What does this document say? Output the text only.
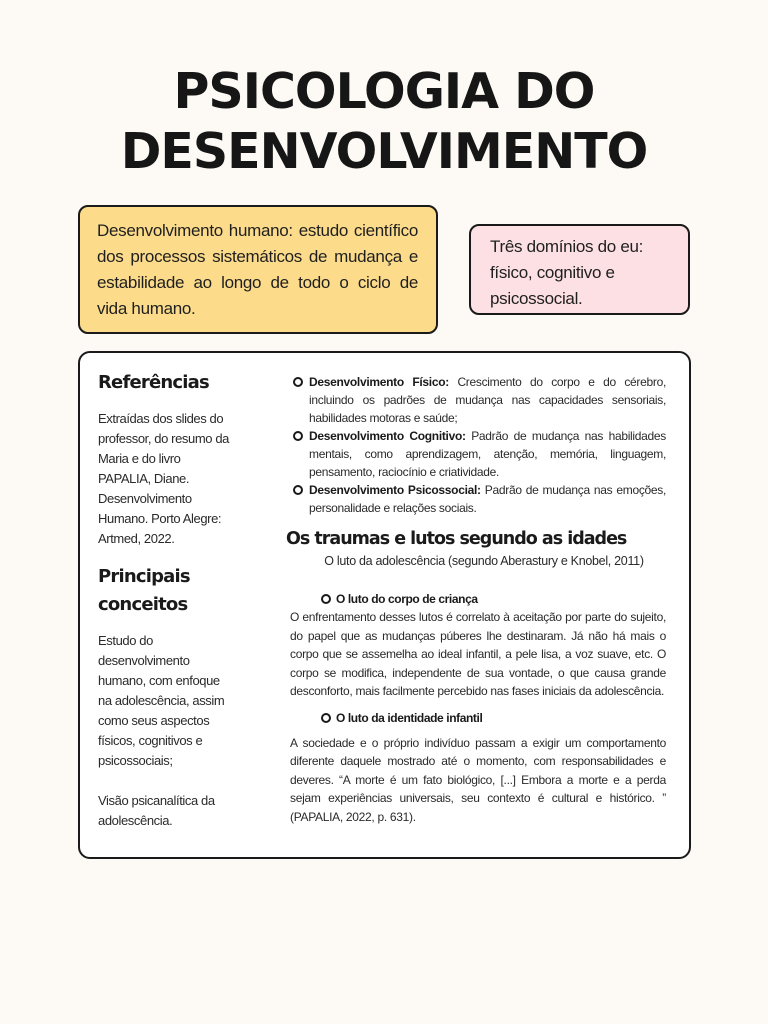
PSICOLOGIA DO
DESENVOLVIMENTO

Desenvolvimento humano: estudo científico dos processos sistemáticos de mudança e estabilidade ao longo de todo o ciclo de vida humano.

Três domínios do eu: físico, cognitivo e psicossocial.

Referências

Extraídas dos slides do professor, do resumo da Maria e do livro PAPALIA, Diane. Desenvolvimento Humano. Porto Alegre: Artmed, 2022.

Principais conceitos

Estudo do desenvolvimento humano, com enfoque na adolescência, assim como seus aspectos físicos, cognitivos e psicossociais;

Visão psicanalítica da adolescência.

Desenvolvimento Físico: Crescimento do corpo e do cérebro, incluindo os padrões de mudança nas capacidades sensoriais, habilidades motoras e saúde;
Desenvolvimento Cognitivo: Padrão de mudança nas habilidades mentais, como aprendizagem, atenção, memória, linguagem, pensamento, raciocínio e criatividade.
Desenvolvimento Psicossocial: Padrão de mudança nas emoções, personalidade e relações sociais.
Os traumas e lutos segundo as idades

O luto da adolescência (segundo Aberastury e Knobel, 2011)

O luto do corpo de criança

O enfrentamento desses lutos é correlato à aceitação por parte do sujeito, do papel que as mudanças púberes lhe destinaram. Já não há mais o corpo que se assemelha ao ideal infantil, a pele lisa, a voz suave, etc. O corpo se modifica, independente de sua vontade, o que causa grande desconforto, mais facilmente percebido nas fases iniciais da adolescência.

O luto da identidade infantil

A sociedade e o próprio indivíduo passam a exigir um comportamento diferente daquele mostrado até o momento, com responsabilidades e deveres. “A morte é um fato biológico, [...] Embora a morte e a perda sejam experiências universais, seu contexto é cultural e histórico. ” (PAPALIA, 2022, p. 631).
